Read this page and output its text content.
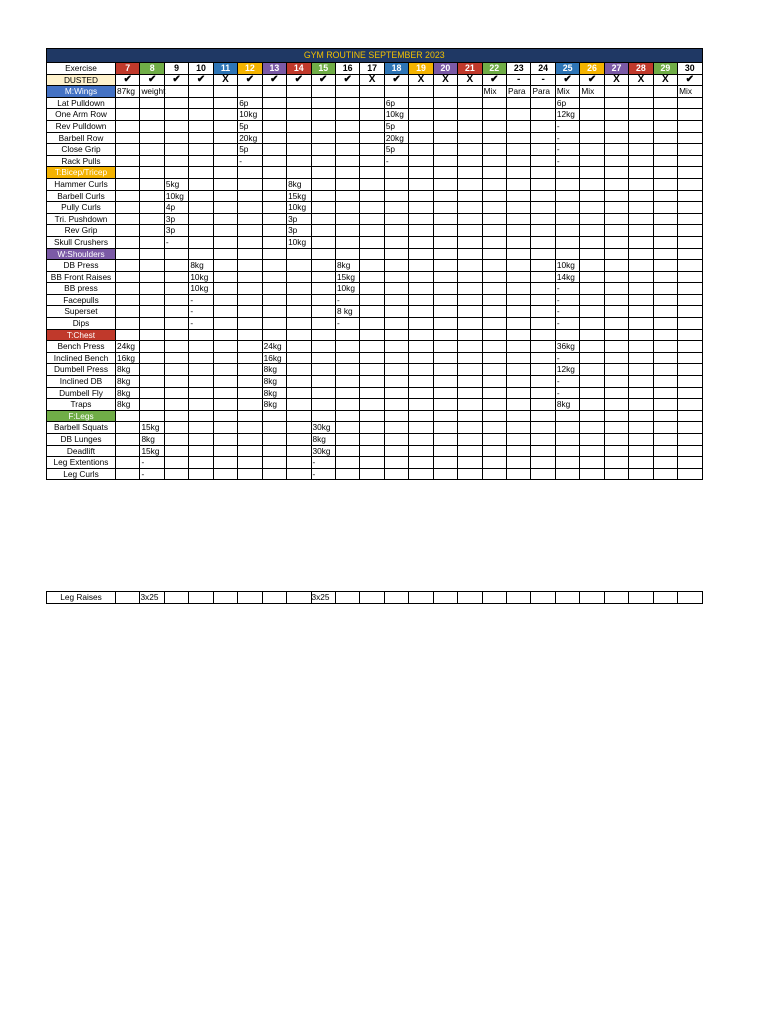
GYM ROUTINE SEPTEMBER 2023																								
Exercise	7	8	9	10	11	12	13	14	15	16	17	18	19	20	21	22	23	24	25	26	27	28	29	30
DUSTED	✔	✔	✔	✔	X	✔	✔	✔	✔	✔	X	✔	X	X	X	✔	-	-	✔	✔	X	X	X	✔
M:Wings	87kg	weight														Mix	Para	Para	Mix	Mix				Mix
Lat Pulldown						6p						6p							6p					
One Arm Row						10kg						10kg							12kg					
Rev Pulldown						5p						5p							-					
Barbell Row						20kg						20kg							-					
Close Grip						5p						5p							-					
Rack Pulls						-						-							-					
T:Bicep/Tricep																								
Hammer Curls			5kg					8kg																
Barbell Curls			10kg					15kg																
Pully Curls			4p					10kg																
Tri. Pushdown			3p					3p																
Rev Grip			3p					3p																
Skull Crushers			-					10kg																
W:Shoulders																								
DB Press				8kg						8kg									10kg					
BB Front Raises				10kg						15kg									14kg					
BB press				10kg						10kg									-					
Facepulls				-						-									-					
Superset				-						8 kg									-					
Dips				-						-									-					
T:Chest																								
Bench Press	24kg						24kg												36kg					
Inclined Bench	16kg						16kg												-					
Dumbell Press	8kg						8kg												12kg					
Inclined DB	8kg						8kg												-					
Dumbell Fly	8kg						8kg												-					
Traps	8kg						8kg												8kg					
F:Legs																								
Barbell Squats		15kg							30kg															
DB Lunges		8kg							8kg															
Deadlift		15kg							30kg															
Leg Extentions		-							-															
Leg Curls		-							-															
Leg Raises		3x25							3x25															
